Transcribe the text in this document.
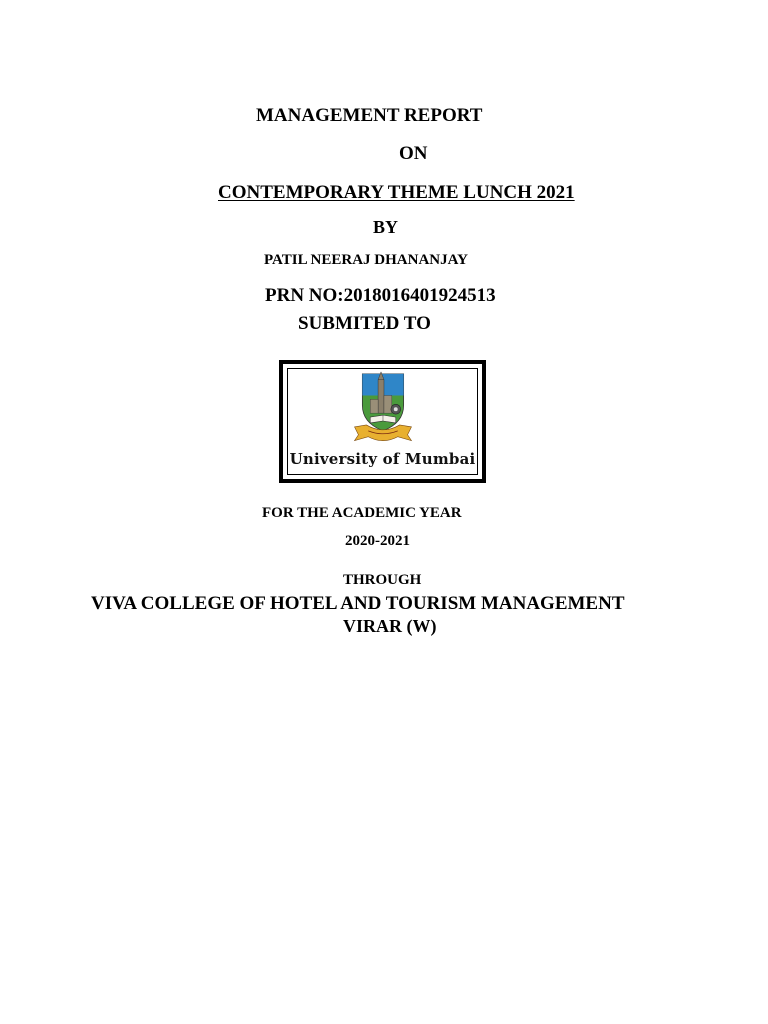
MANAGEMENT REPORT
ON
CONTEMPORARY THEME LUNCH 2021
BY
PATIL NEERAJ DHANANJAY
PRN NO:2018016401924513
SUBMITED TO
University of Mumbai
FOR THE ACADEMIC YEAR
2020-2021
THROUGH
VIVA COLLEGE OF HOTEL AND TOURISM MANAGEMENT
VIRAR (W)
